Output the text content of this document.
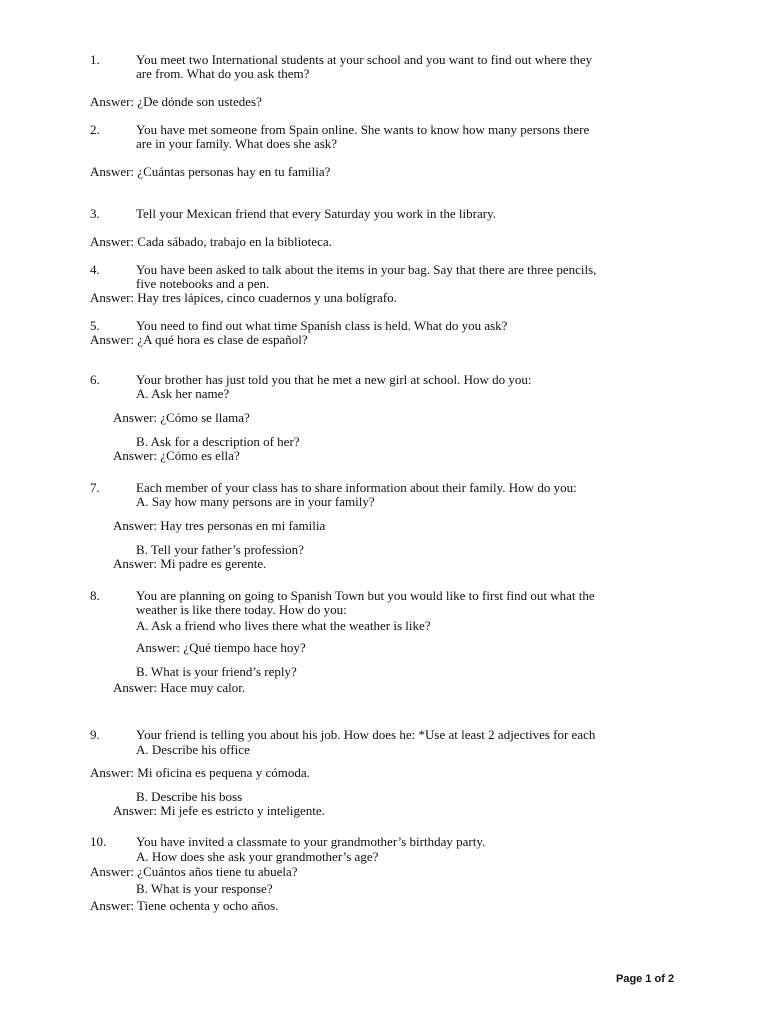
1.	You meet two International students at your school and you want to find out where they
are from. What do you ask them?
Answer: ¿De dónde son ustedes?
2.	You have met someone from Spain online. She wants to know how many persons there
are in your family. What does she ask?
Answer: ¿Cuántas personas hay en tu familia?
3.	Tell your Mexican friend that every Saturday you work in the library.
Answer: Cada sábado, trabajo en la biblioteca.
4.	You have been asked to talk about the items in your bag. Say that there are three pencils,
five notebooks and a pen.
Answer: Hay tres lápices, cinco cuadernos y una bolígrafo.
5.	You need to find out what time Spanish class is held. What do you ask?
Answer: ¿A qué hora es clase de español?
6.	Your brother has just told you that he met a new girl at school. How do you:
A. Ask her name?
Answer: ¿Cómo se llama?
B. Ask for a description of her?
Answer: ¿Cómo es ella?
7.	Each member of your class has to share information about their family. How do you:
A. Say how many persons are in your family?
Answer: Hay tres personas en mi familia
B. Tell your father’s profession?
Answer: Mi padre es gerente.
8.	You are planning on going to Spanish Town but you would like to first find out what the
weather is like there today. How do you:
A. Ask a friend who lives there what the weather is like?
Answer: ¿Qué tiempo hace hoy?
B. What is your friend’s reply?
Answer: Hace muy calor.
9.	Your friend is telling you about his job. How does he: *Use at least 2 adjectives for each
A. Describe his office
Answer: Mi oficina es pequena y cómoda.
B. Describe his boss
Answer: Mi jefe es estricto y inteligente.
10. You have invited a classmate to your grandmother’s birthday party.
A. How does she ask your grandmother’s age?
Answer: ¿Cuántos años tiene tu abuela?
B. What is your response?
Answer: Tiene ochenta y ocho años.
Page 1 of 2
